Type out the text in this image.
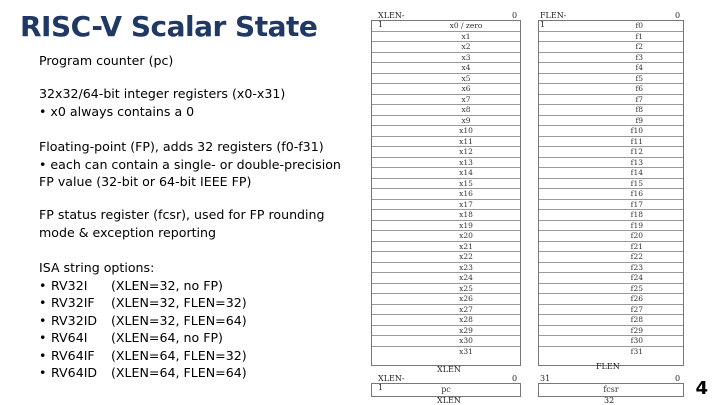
RISC-V Scalar State
Program counter (pc)
32x32/64-bit integer registers (x0-x31)
• x0 always contains a 0
Floating-point (FP), adds 32 registers (f0-f31)
• each can contain a single- or double-precision
FP value (32-bit or 64-bit IEEE FP)
FP status register (fcsr), used for FP rounding
mode & exception reporting
ISA string options:
• RV32I	(XLEN=32, no FP)
• RV32IF	(XLEN=32, FLEN=32)
• RV32ID	(XLEN=32, FLEN=64)
• RV64I	(XLEN=64, no FP)
• RV64IF	(XLEN=64, FLEN=32)
• RV64ID	(XLEN=64, FLEN=64)
XLEN-1
0	FLEN-1
0
x0 / zero
x1
x2
x3
x4
x5
x6
x7
x8
x9
x10
x11
x12
x13
x14
x15
x16
x17
x18
x19
x20
x21
x22
x23
x24
x25
x26
x27
x28
x29
x30
x31
f0
f1
f2
f3
f4
f5
f6
f7
f8
f9
f10
f11
f12
f13
f14
f15
f16
f17
f18
f19
f20
f21
f22
f23
f24
f25
f26
f27
f28
f29
f30
f31
XLEN	FLEN
XLEN-1
0
pc
XLEN
31	0
fcsr
32
4
